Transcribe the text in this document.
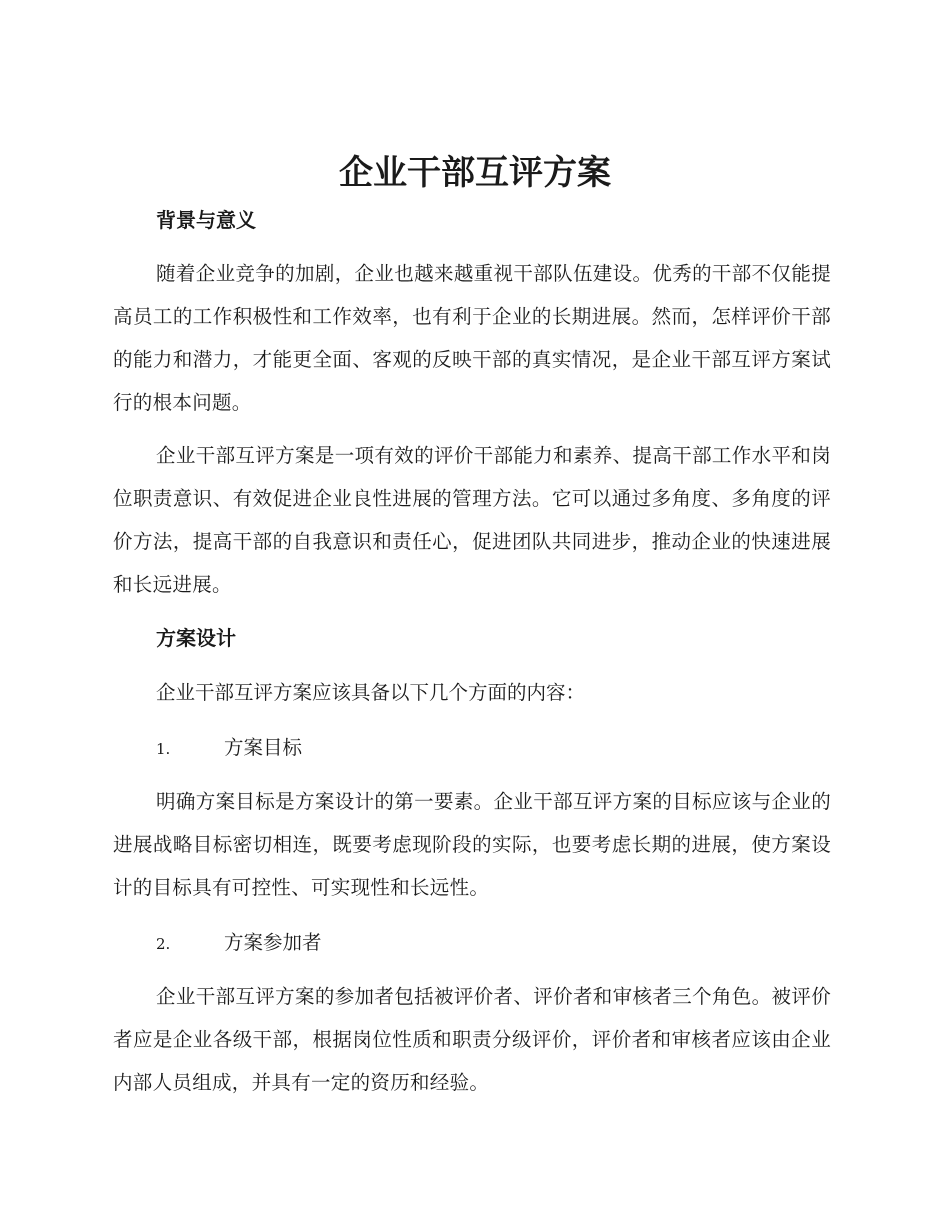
企业干部互评方案
背景与意义

随着企业竞争的加剧，企业也越来越重视干部队伍建设。优秀的干部不仅能提高员工的工作积极性和工作效率，也有利于企业的长期进展。然而，怎样评价干部的能力和潜力，才能更全面、客观的反映干部的真实情况，是企业干部互评方案试行的根本问题。

企业干部互评方案是一项有效的评价干部能力和素养、提高干部工作水平和岗位职责意识、有效促进企业良性进展的管理方法。它可以通过多角度、多角度的评价方法，提高干部的自我意识和责任心，促进团队共同进步，推动企业的快速进展和长远进展。

方案设计

企业干部互评方案应该具备以下几个方面的内容：

1.	方案目标

明确方案目标是方案设计的第一要素。企业干部互评方案的目标应该与企业的进展战略目标密切相连，既要考虑现阶段的实际，也要考虑长期的进展，使方案设计的目标具有可控性、可实现性和长远性。

2.	方案参加者

企业干部互评方案的参加者包括被评价者、评价者和审核者三个角色。被评价者应是企业各级干部，根据岗位性质和职责分级评价，评价者和审核者应该由企业内部人员组成，并具有一定的资历和经验。
